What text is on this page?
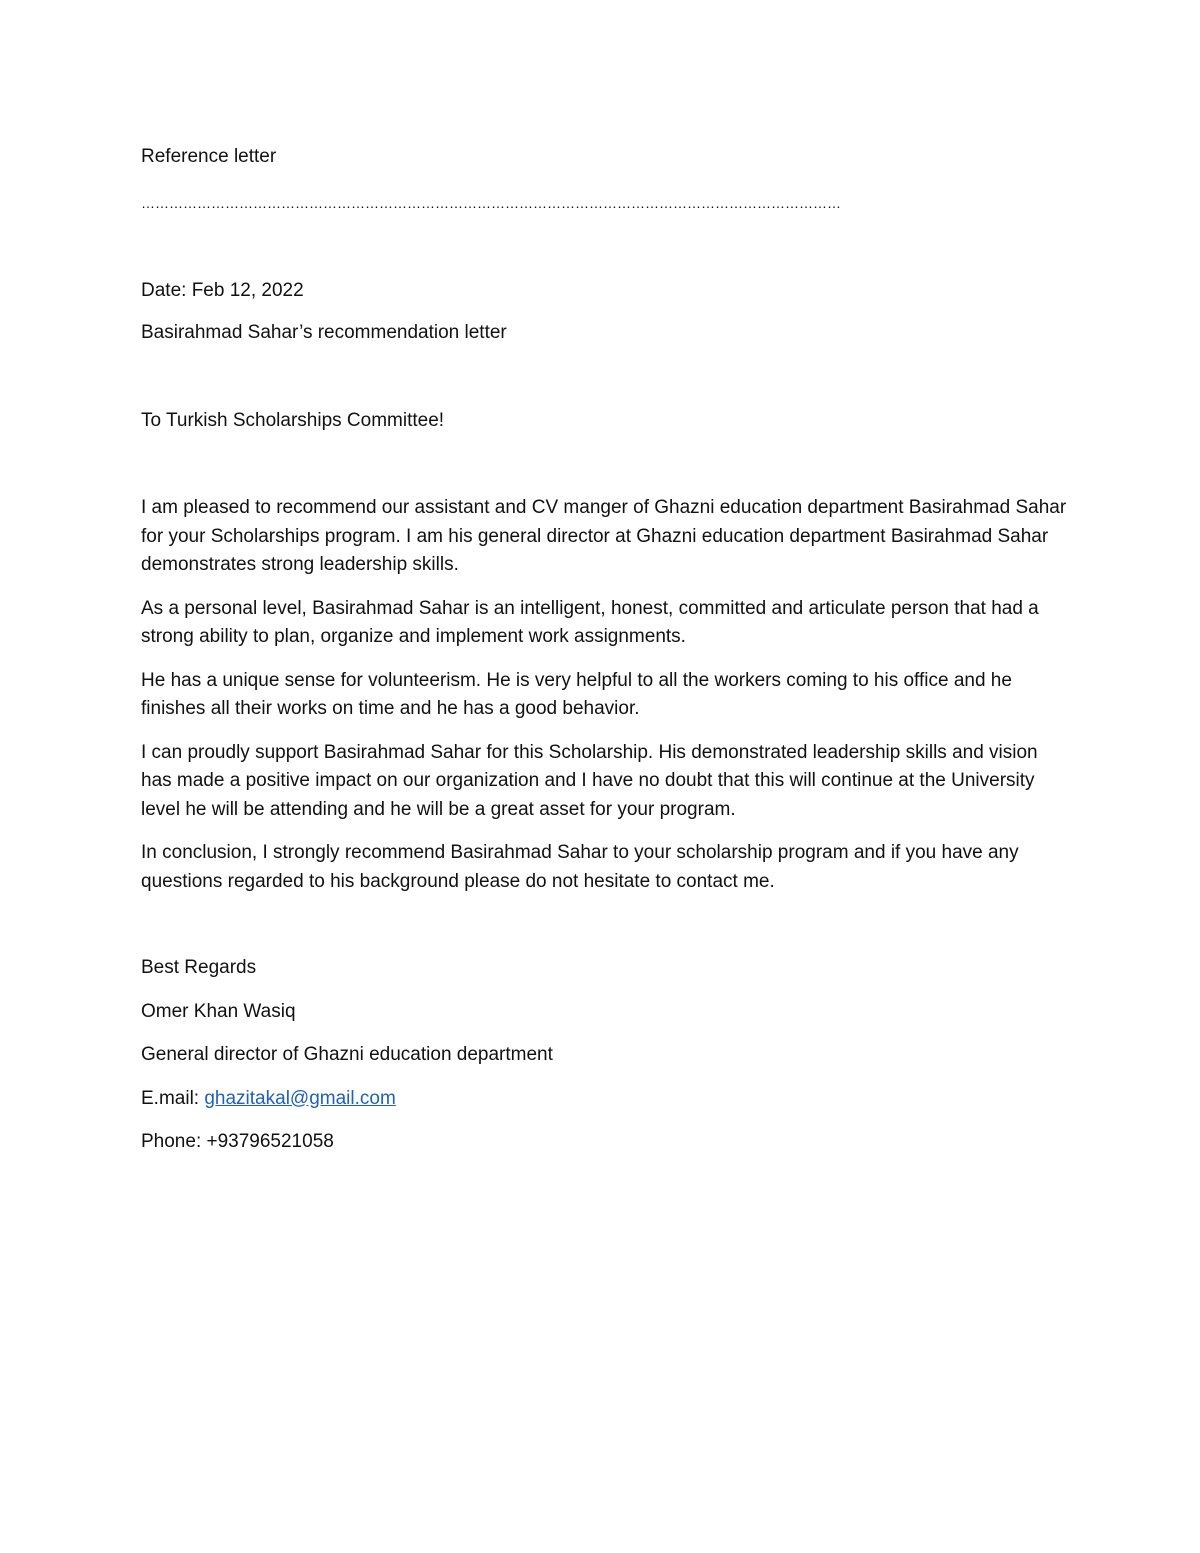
Reference letter

……………………………………………………………………………………………………………………………………

Date: Feb 12, 2022

Basirahmad Sahar’s recommendation letter

To Turkish Scholarships Committee!

I am pleased to recommend our assistant and CV manger of Ghazni education department Basirahmad Sahar for your Scholarships program. I am his general director at Ghazni education department Basirahmad Sahar demonstrates strong leadership skills.

As a personal level, Basirahmad Sahar is an intelligent, honest, committed and articulate person that had a strong ability to plan, organize and implement work assignments.

He has a unique sense for volunteerism. He is very helpful to all the workers coming to his office and he finishes all their works on time and he has a good behavior.

I can proudly support Basirahmad Sahar for this Scholarship. His demonstrated leadership skills and vision has made a positive impact on our organization and I have no doubt that this will continue at the University level he will be attending and he will be a great asset for your program.

In conclusion, I strongly recommend Basirahmad Sahar to your scholarship program and if you have any questions regarded to his background please do not hesitate to contact me.

Best Regards

Omer Khan Wasiq

General director of Ghazni education department

E.mail: ghazitakal@gmail.com

Phone: +93796521058
